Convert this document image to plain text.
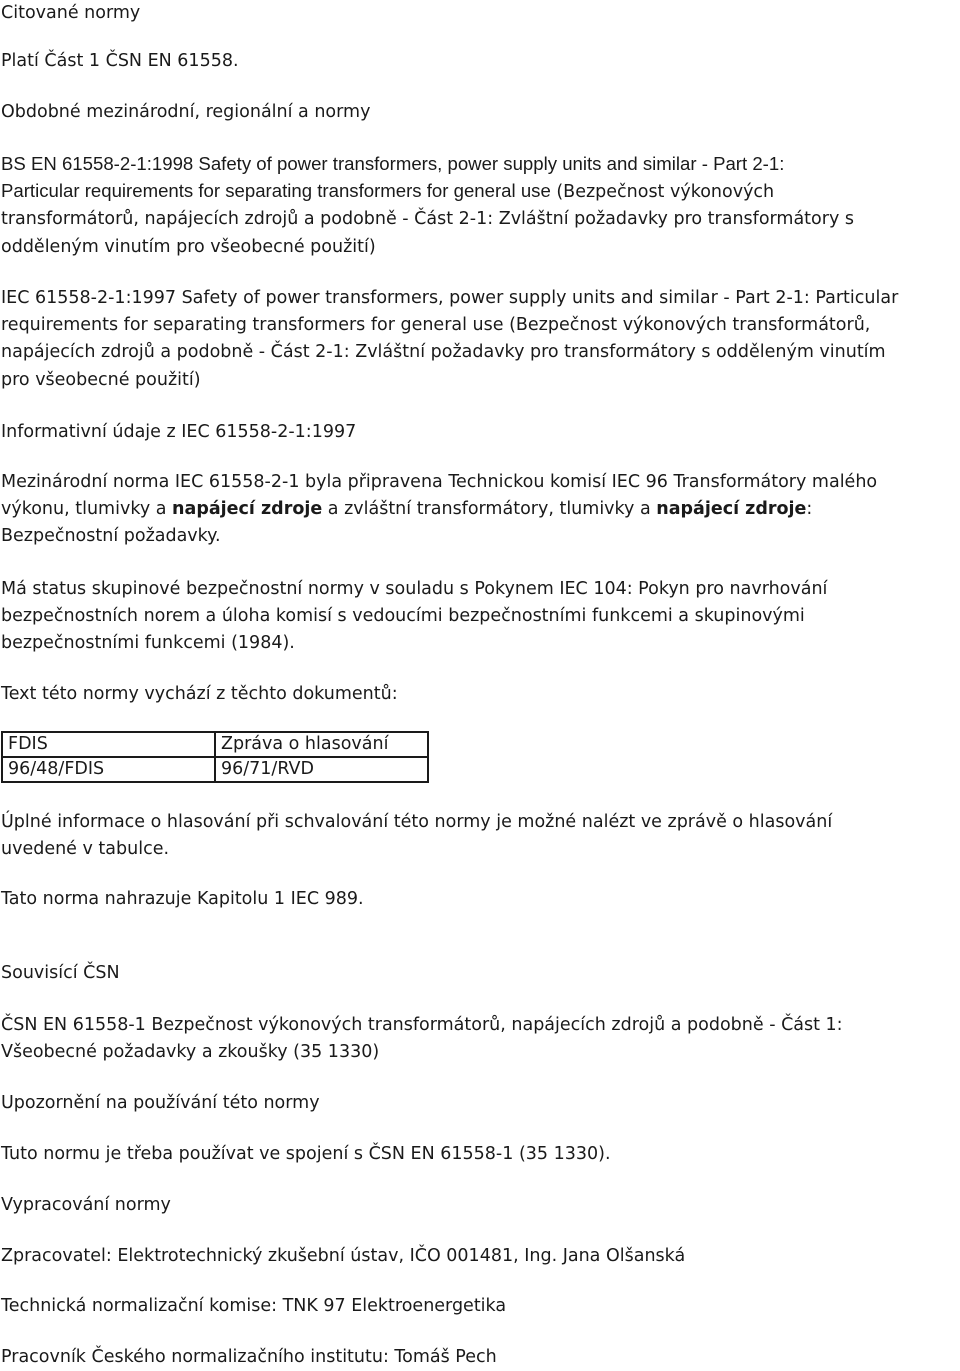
Citované normy

Platí Část 1 ČSN EN 61558.

Obdobné mezinárodní, regionální a normy

BS EN 61558-2-1:1998 Safety of power transformers, power supply units and similar - Part 2-1:
Particular requirements for separating transformers for general use (Bezpečnost výkonových
transformátorů, napájecích zdrojů a podobně - Část 2-1: Zvláštní požadavky pro transformátory s
odděleným vinutím pro všeobecné použití)
IEC 61558-2-1:1997 Safety of power transformers, power supply units and similar - Part 2-1: Particular
requirements for separating transformers for general use (Bezpečnost výkonových transformátorů,
napájecích zdrojů a podobně - Část 2-1: Zvláštní požadavky pro transformátory s odděleným vinutím
pro všeobecné použití)

Informativní údaje z IEC 61558-2-1:1997

Mezinárodní norma IEC 61558-2-1 byla připravena Technickou komisí IEC 96 Transformátory malého
výkonu, tlumivky a napájecí zdroje a zvláštní transformátory, tlumivky a napájecí zdroje:
Bezpečnostní požadavky.
Má status skupinové bezpečnostní normy v souladu s Pokynem IEC 104: Pokyn pro navrhování
bezpečnostních norem a úloha komisí s vedoucími bezpečnostními funkcemi a skupinovými
bezpečnostními funkcemi (1984).

Text této normy vychází z těchto dokumentů:

FDIS	Zpráva o hlasování
96/48/FDIS	96/71/RVD
Úplné informace o hlasování při schvalování této normy je možné nalézt ve zprávě o hlasování
uvedené v tabulce.

Tato norma nahrazuje Kapitolu 1 IEC 989.

Souvisící ČSN

ČSN EN 61558-1 Bezpečnost výkonových transformátorů, napájecích zdrojů a podobně - Část 1:
Všeobecné požadavky a zkoušky (35 1330)

Upozornění na používání této normy

Tuto normu je třeba používat ve spojení s ČSN EN 61558-1 (35 1330).

Vypracování normy

Zpracovatel: Elektrotechnický zkušební ústav, IČO 001481, Ing. Jana Olšanská

Technická normalizační komise: TNK 97 Elektroenergetika

Pracovník Českého normalizačního institutu: Tomáš Pech
